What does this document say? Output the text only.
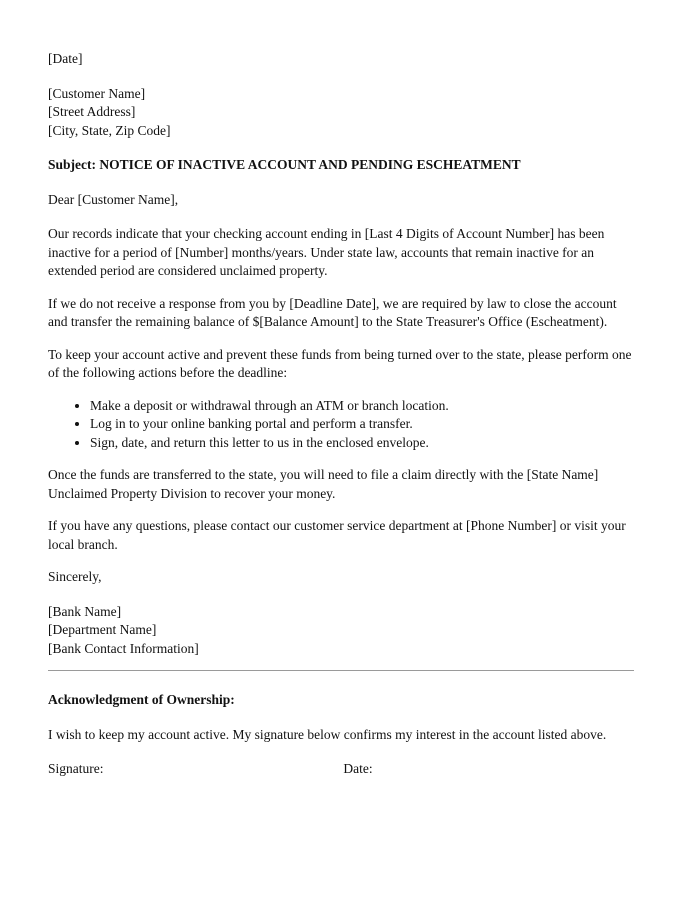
[Date]

[Customer Name]

[Street Address]

[City, State, Zip Code]

Subject: NOTICE OF INACTIVE ACCOUNT AND PENDING ESCHEATMENT

Dear [Customer Name],

Our records indicate that your checking account ending in [Last 4 Digits of Account Number] has been inactive for a period of [Number] months/years. Under state law, accounts that remain inactive for an extended period are considered unclaimed property.

If we do not receive a response from you by [Deadline Date], we are required by law to close the account and transfer the remaining balance of $[Balance Amount] to the State Treasurer's Office (Escheatment).

To keep your account active and prevent these funds from being turned over to the state, please perform one of the following actions before the deadline:

• Make a deposit or withdrawal through an ATM or branch location.
• Log in to your online banking portal and perform a transfer.
• Sign, date, and return this letter to us in the enclosed envelope.

Once the funds are transferred to the state, you will need to file a claim directly with the [State Name] Unclaimed Property Division to recover your money.

If you have any questions, please contact our customer service department at [Phone Number] or visit your local branch.

Sincerely,

[Bank Name]

[Department Name]

[Bank Contact Information]

Acknowledgment of Ownership:

I wish to keep my account active. My signature below confirms my interest in the account listed above.

Signature:	Date:
